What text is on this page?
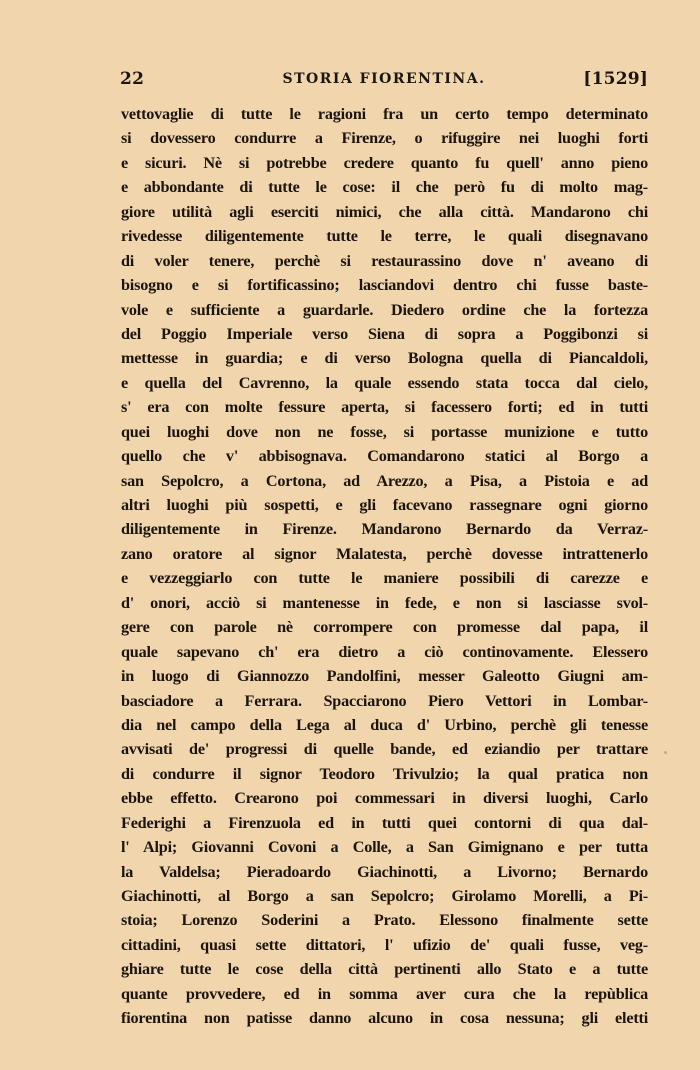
22	STORIA FIORENTINA.	[1529]
vettovaglie di tutte le ragioni fra un certo tempo determinato
si dovessero condurre a Firenze, o rifuggire nei luoghi forti
e sicuri. Nè si potrebbe credere quanto fu quell' anno pieno
e abbondante di tutte le cose: il che però fu di molto mag-
giore utilità agli eserciti nimici, che alla città. Mandarono chi
rivedesse diligentemente tutte le terre, le quali disegnavano
di voler tenere, perchè si restaurassino dove n' aveano di
bisogno e si fortificassino; lasciandovi dentro chi fusse baste-
vole e sufficiente a guardarle. Diedero ordine che la fortezza
del Poggio Imperiale verso Siena di sopra a Poggibonzi si
mettesse in guardia; e di verso Bologna quella di Piancaldoli,
e quella del Cavrenno, la quale essendo stata tocca dal cielo,
s' era con molte fessure aperta, si facessero forti; ed in tutti
quei luoghi dove non ne fosse, si portasse munizione e tutto
quello che v' abbisognava. Comandarono statici al Borgo a
san Sepolcro, a Cortona, ad Arezzo, a Pisa, a Pistoia e ad
altri luoghi più sospetti, e gli facevano rassegnare ogni giorno
diligentemente in Firenze. Mandarono Bernardo da Verraz-
zano oratore al signor Malatesta, perchè dovesse intrattenerlo
e vezzeggiarlo con tutte le maniere possibili di carezze e
d' onori, acciò si mantenesse in fede, e non si lasciasse svol-
gere con parole nè corrompere con promesse dal papa, il
quale sapevano ch' era dietro a ciò continovamente. Elessero
in luogo di Giannozzo Pandolfini, messer Galeotto Giugni am-
basciadore a Ferrara. Spacciarono Piero Vettori in Lombar-
dia nel campo della Lega al duca d' Urbino, perchè gli tenesse
avvisati de' progressi di quelle bande, ed eziandio per trattare
di condurre il signor Teodoro Trivulzio; la qual pratica non
ebbe effetto. Crearono poi commessari in diversi luoghi, Carlo
Federighi a Firenzuola ed in tutti quei contorni di qua dal-
l' Alpi; Giovanni Covoni a Colle, a San Gimignano e per tutta
la Valdelsa; Pieradoardo Giachinotti, a Livorno; Bernardo
Giachinotti, al Borgo a san Sepolcro; Girolamo Morelli, a Pi-
stoia; Lorenzo Soderini a Prato. Elessono finalmente sette
cittadini, quasi sette dittatori, l' ufizio de' quali fusse, veg-
ghiare tutte le cose della città pertinenti allo Stato e a tutte
quante provvedere, ed in somma aver cura che la repùblica
fiorentina non patisse danno alcuno in cosa nessuna; gli eletti
